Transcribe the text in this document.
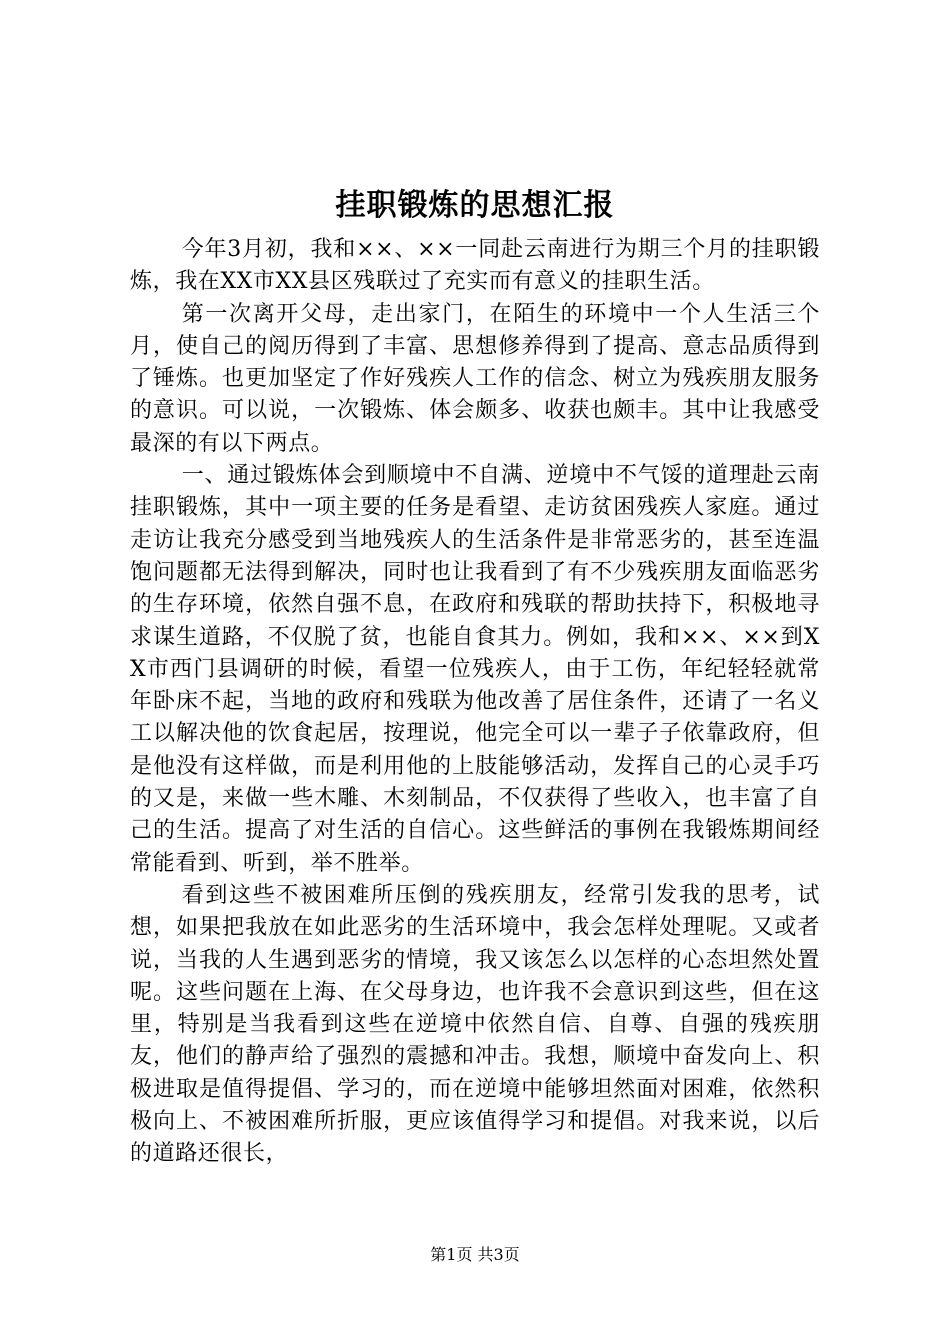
挂职锻炼的思想汇报

今年3月初，我和××、××一同赴云南进行为期三个月的挂职锻炼，我在XX市XX县区残联过了充实而有意义的挂职生活。

第一次离开父母，走出家门，在陌生的环境中一个人生活三个月，使自己的阅历得到了丰富、思想修养得到了提高、意志品质得到了锤炼。也更加坚定了作好残疾人工作的信念、树立为残疾朋友服务的意识。可以说，一次锻炼、体会颇多、收获也颇丰。其中让我感受最深的有以下两点。

一、通过锻炼体会到顺境中不自满、逆境中不气馁的道理赴云南挂职锻炼，其中一项主要的任务是看望、走访贫困残疾人家庭。通过走访让我充分感受到当地残疾人的生活条件是非常恶劣的，甚至连温饱问题都无法得到解决，同时也让我看到了有不少残疾朋友面临恶劣的生存环境，依然自强不息，在政府和残联的帮助扶持下，积极地寻求谋生道路，不仅脱了贫，也能自食其力。例如，我和××、××到XX市西门县调研的时候，看望一位残疾人，由于工伤，年纪轻轻就常年卧床不起，当地的政府和残联为他改善了居住条件，还请了一名义工以解决他的饮食起居，按理说，他完全可以一辈子子依靠政府，但是他没有这样做，而是利用他的上肢能够活动，发挥自己的心灵手巧的又是，来做一些木雕、木刻制品，不仅获得了些收入，也丰富了自己的生活。提高了对生活的自信心。这些鲜活的事例在我锻炼期间经常能看到、听到，举不胜举。

看到这些不被困难所压倒的残疾朋友，经常引发我的思考，试想，如果把我放在如此恶劣的生活环境中，我会怎样处理呢。又或者说，当我的人生遇到恶劣的情境，我又该怎么以怎样的心态坦然处置呢。这些问题在上海、在父母身边，也许我不会意识到这些，但在这里，特别是当我看到这些在逆境中依然自信、自尊、自强的残疾朋友，他们的静声给了强烈的震撼和冲击。我想，顺境中奋发向上、积极进取是值得提倡、学习的，而在逆境中能够坦然面对困难，依然积极向上、不被困难所折服，更应该值得学习和提倡。对我来说，以后的道路还很长，

第1页 共3页
